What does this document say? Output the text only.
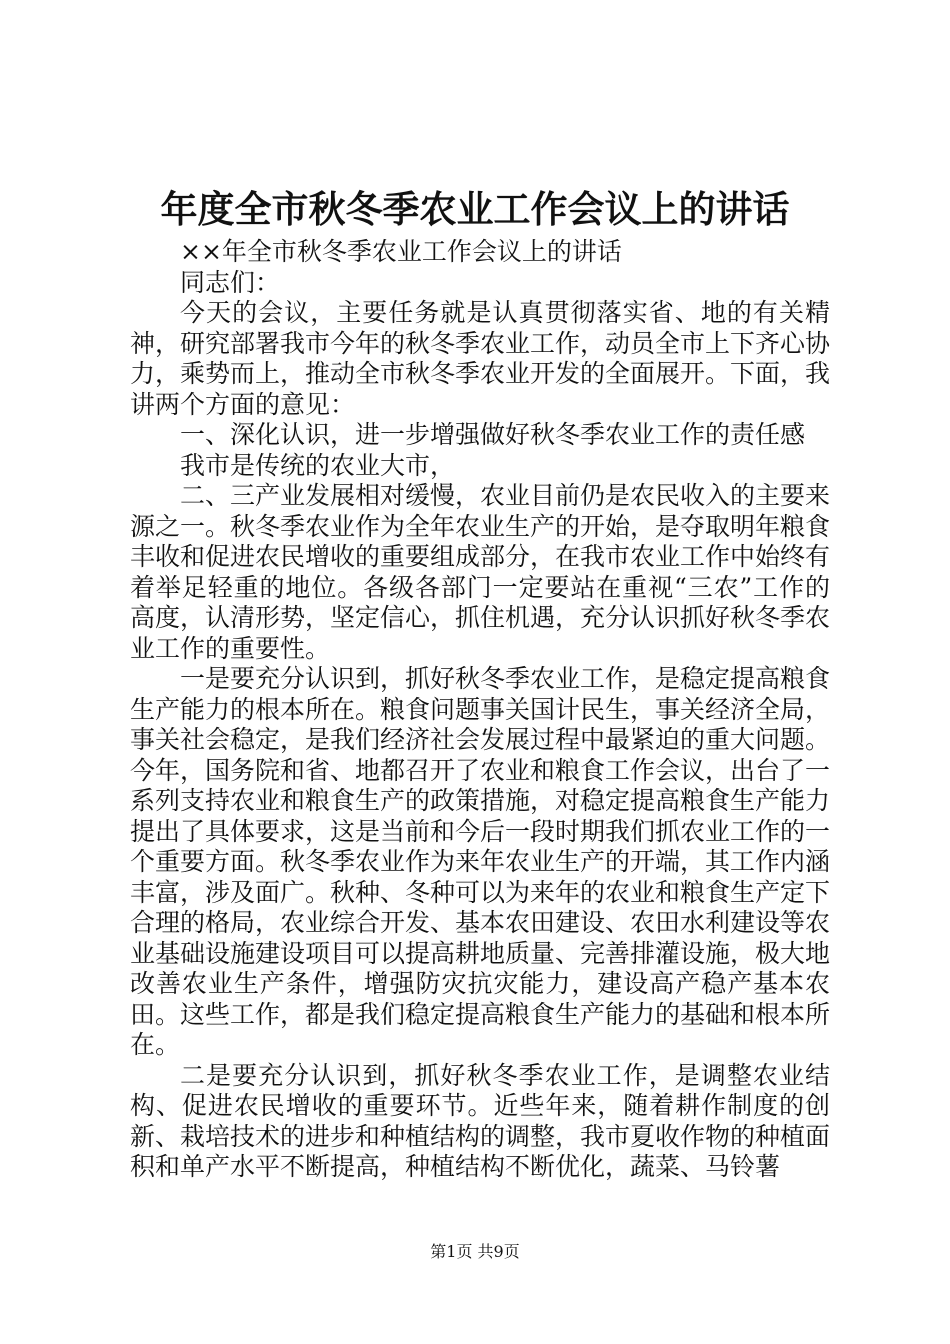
年度全市秋冬季农业工作会议上的讲话

××年全市秋冬季农业工作会议上的讲话

同志们：

今天的会议，主要任务就是认真贯彻落实省、地的有关精神，研究部署我市今年的秋冬季农业工作，动员全市上下齐心协力，乘势而上，推动全市秋冬季农业开发的全面展开。下面，我讲两个方面的意见：

一、深化认识，进一步增强做好秋冬季农业工作的责任感

我市是传统的农业大市，

二、三产业发展相对缓慢，农业目前仍是农民收入的主要来源之一。秋冬季农业作为全年农业生产的开始，是夺取明年粮食丰收和促进农民增收的重要组成部分，在我市农业工作中始终有着举足轻重的地位。各级各部门一定要站在重视“三农”工作的高度，认清形势，坚定信心，抓住机遇，充分认识抓好秋冬季农业工作的重要性。

一是要充分认识到，抓好秋冬季农业工作，是稳定提高粮食生产能力的根本所在。粮食问题事关国计民生，事关经济全局，事关社会稳定，是我们经济社会发展过程中最紧迫的重大问题。今年，国务院和省、地都召开了农业和粮食工作会议，出台了一系列支持农业和粮食生产的政策措施，对稳定提高粮食生产能力提出了具体要求，这是当前和今后一段时期我们抓农业工作的一个重要方面。秋冬季农业作为来年农业生产的开端，其工作内涵丰富，涉及面广。秋种、冬种可以为来年的农业和粮食生产定下合理的格局，农业综合开发、基本农田建设、农田水利建设等农业基础设施建设项目可以提高耕地质量、完善排灌设施，极大地改善农业生产条件，增强防灾抗灾能力，建设高产稳产基本农田。这些工作，都是我们稳定提高粮食生产能力的基础和根本所在。

二是要充分认识到，抓好秋冬季农业工作，是调整农业结构、促进农民增收的重要环节。近些年来，随着耕作制度的创新、栽培技术的进步和种植结构的调整，我市夏收作物的种植面积和单产水平不断提高，种植结构不断优化，蔬菜、马铃薯

第1页 共9页
